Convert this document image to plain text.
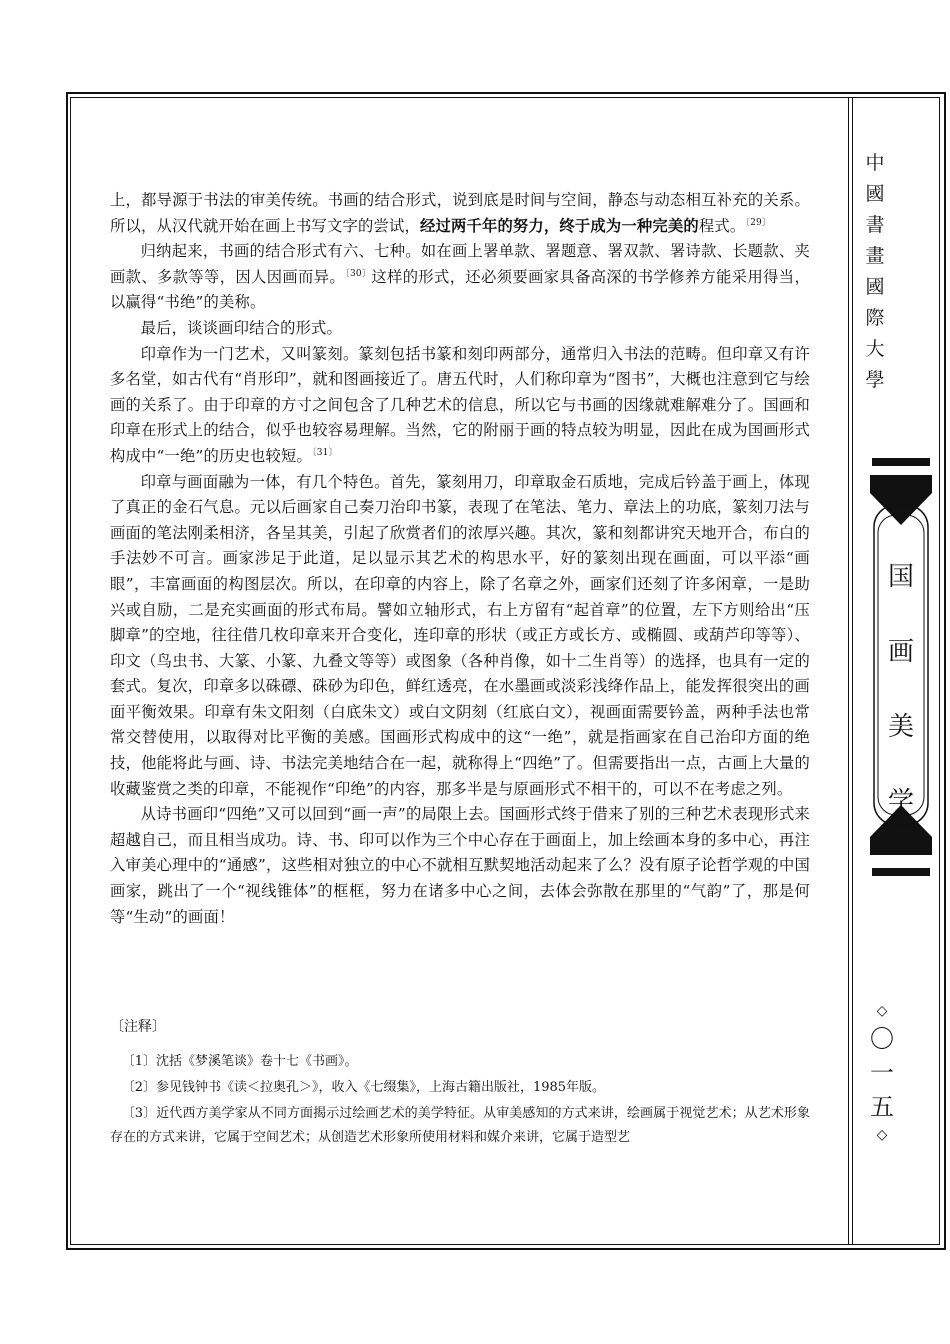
上，都导源于书法的审美传统。书画的结合形式，说到底是时间与空间，静态与动态相互补充的关系。所以，从汉代就开始在画上书写文字的尝试，经过两千年的努力，终于成为一种完美的程式。$^{〔29〕}$

归纳起来，书画的结合形式有六、七种。如在画上署单款、署题意、署双款、署诗款、长题款、夹画款、多款等等，因人因画而异。$^{〔30〕}$这样的形式，还必须要画家具备高深的书学修养方能采用得当，以赢得“书绝”的美称。

最后，谈谈画印结合的形式。

印章作为一门艺术，又叫篆刻。篆刻包括书篆和刻印两部分，通常归入书法的范畴。但印章又有许多名堂，如古代有“肖形印”，就和图画接近了。唐五代时，人们称印章为“图书”，大概也注意到它与绘画的关系了。由于印章的方寸之间包含了几种艺术的信息，所以它与书画的因缘就难解难分了。国画和印章在形式上的结合，似乎也较容易理解。当然，它的附丽于画的特点较为明显，因此在成为国画形式构成中“一绝”的历史也较短。$^{〔31〕}$

印章与画面融为一体，有几个特色。首先，篆刻用刀，印章取金石质地，完成后钤盖于画上，体现了真正的金石气息。元以后画家自己奏刀治印书篆，表现了在笔法、笔力、章法上的功底，篆刻刀法与画面的笔法刚柔相济，各呈其美，引起了欣赏者们的浓厚兴趣。其次，篆和刻都讲究天地开合，布白的手法妙不可言。画家涉足于此道，足以显示其艺术的构思水平，好的篆刻出现在画面，可以平添“画眼”，丰富画面的构图层次。所以，在印章的内容上，除了名章之外，画家们还刻了许多闲章，一是助兴或自励，二是充实画面的形式布局。譬如立轴形式，右上方留有“起首章”的位置，左下方则给出“压脚章”的空地，往往借几枚印章来开合变化，连印章的形状（或正方或长方、或椭圆、或葫芦印等等）、印文（鸟虫书、大篆、小篆、九叠文等等）或图象（各种肖像，如十二生肖等）的选择，也具有一定的套式。复次，印章多以硃磦、硃砂为印色，鲜红透亮，在水墨画或淡彩浅绛作品上，能发挥很突出的画面平衡效果。印章有朱文阳刻（白底朱文）或白文阴刻（红底白文），视画面需要钤盖，两种手法也常常交替使用，以取得对比平衡的美感。国画形式构成中的这“一绝”，就是指画家在自己治印方面的绝技，他能将此与画、诗、书法完美地结合在一起，就称得上“四绝”了。但需要指出一点，古画上大量的收藏鉴赏之类的印章，不能视作“印绝”的内容，那多半是与原画形式不相干的，可以不在考虑之列。

从诗书画印“四绝”又可以回到“画一声”的局限上去。国画形式终于借来了别的三种艺术表现形式来超越自己，而且相当成功。诗、书、印可以作为三个中心存在于画面上，加上绘画本身的多中心，再注入审美心理中的“通感”，这些相对独立的中心不就相互默契地活动起来了么？没有原子论哲学观的中国画家，跳出了一个“视线锥体”的框框，努力在诸多中心之间，去体会弥散在那里的“气韵”了，那是何等“生动”的画面！

〔注释〕

〔1〕沈括《梦溪笔谈》卷十七《书画》。

〔2〕参见钱钟书《读＜拉奥孔＞》，收入《七缀集》，上海古籍出版社，1985年版。

〔3〕近代西方美学家从不同方面揭示过绘画艺术的美学特征。从审美感知的方式来讲，绘画属于视觉艺术；从艺术形象存在的方式来讲，它属于空间艺术；从创造艺术形象所使用材料和媒介来讲，它属于造型艺

中
國
書
畫
國
際
大
學
国
画
美
学
◇
〇
一
五
◇
